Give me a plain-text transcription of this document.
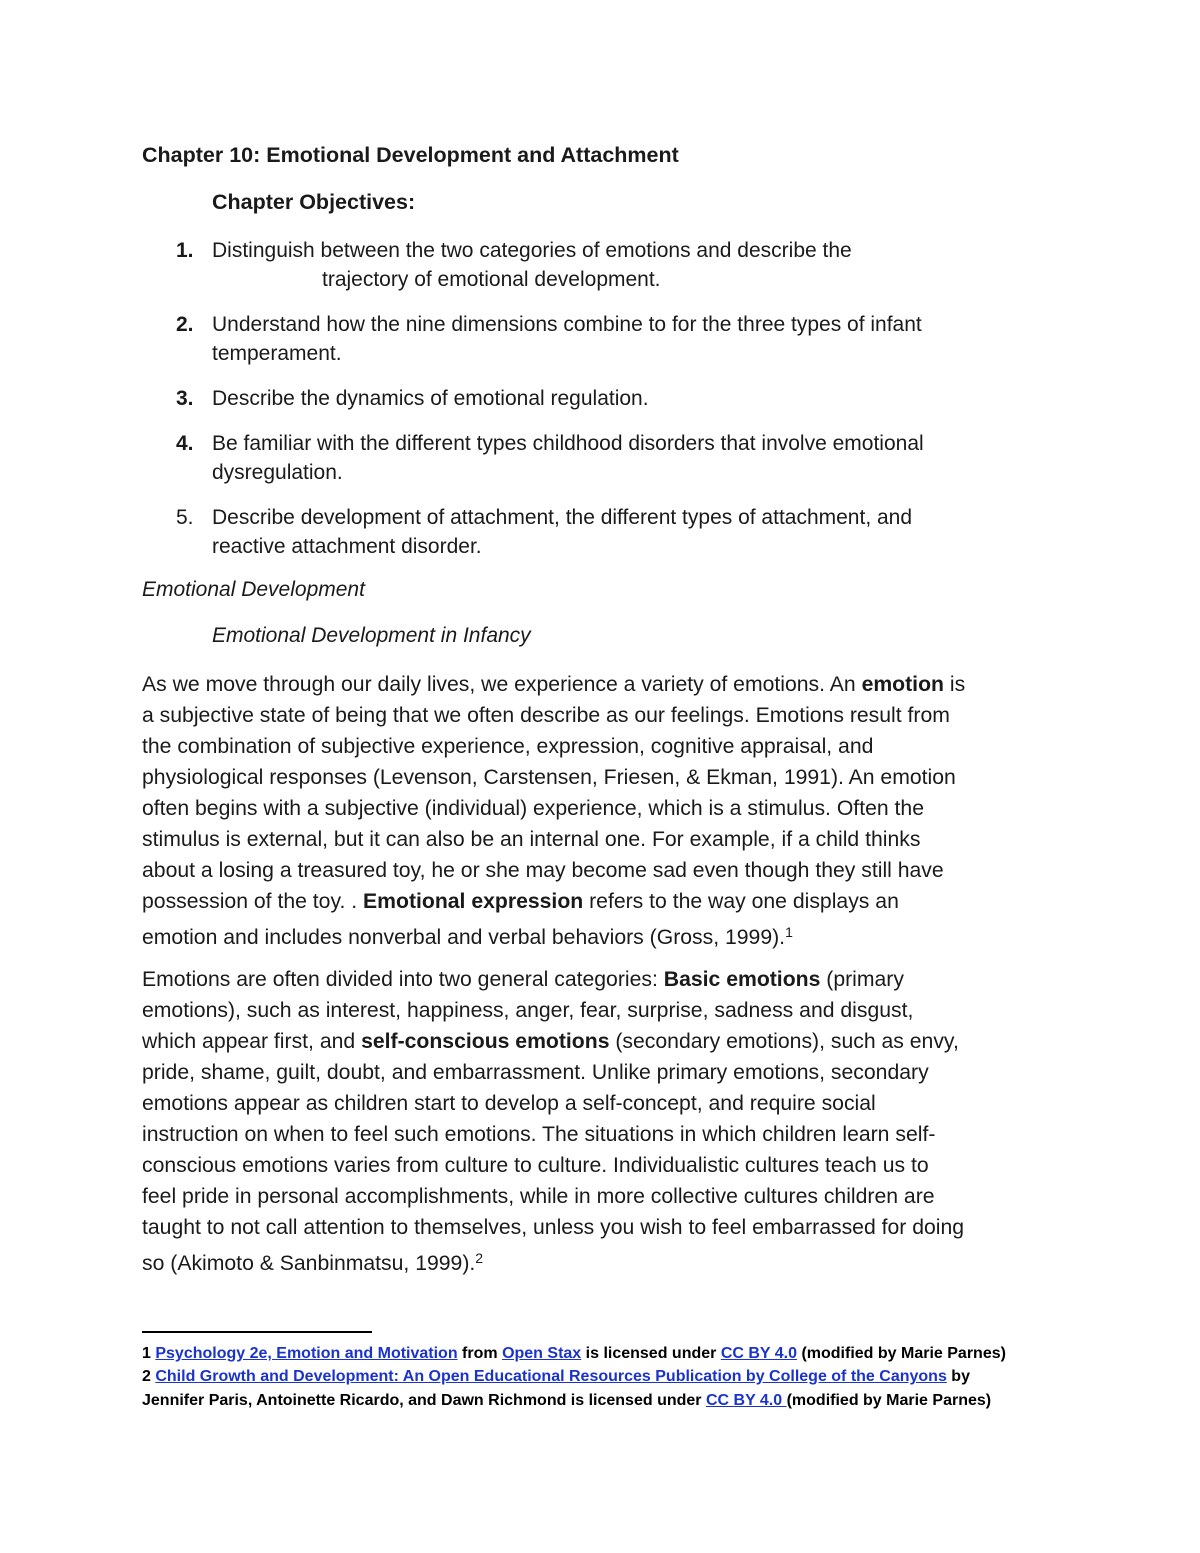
Chapter 10: Emotional Development and Attachment
Chapter Objectives:
1. Distinguish between the two categories of emotions and describe the
trajectory of emotional development.
2. Understand how the nine dimensions combine to for the three types of infant
temperament.
3. Describe the dynamics of emotional regulation.
4. Be familiar with the different types childhood disorders that involve emotional
dysregulation.
5. Describe development of attachment, the different types of attachment, and
reactive attachment disorder.
Emotional Development
Emotional Development in Infancy
As we move through our daily lives, we experience a variety of emotions. An emotion is
a subjective state of being that we often describe as our feelings. Emotions result from
the combination of subjective experience, expression, cognitive appraisal, and
physiological responses (Levenson, Carstensen, Friesen, & Ekman, 1991). An emotion
often begins with a subjective (individual) experience, which is a stimulus. Often the
stimulus is external, but it can also be an internal one. For example, if a child thinks
about a losing a treasured toy, he or she may become sad even though they still have
possession of the toy. . Emotional expression refers to the way one displays an
emotion and includes nonverbal and verbal behaviors (Gross, 1999).$^1$
Emotions are often divided into two general categories: Basic emotions (primary
emotions), such as interest, happiness, anger, fear, surprise, sadness and disgust,
which appear first, and self-conscious emotions (secondary emotions), such as envy,
pride, shame, guilt, doubt, and embarrassment. Unlike primary emotions, secondary
emotions appear as children start to develop a self-concept, and require social
instruction on when to feel such emotions. The situations in which children learn self-
conscious emotions varies from culture to culture. Individualistic cultures teach us to
feel pride in personal accomplishments, while in more collective cultures children are
taught to not call attention to themselves, unless you wish to feel embarrassed for doing
so (Akimoto & Sanbinmatsu, 1999).$^2$
1 Psychology 2e, Emotion and Motivation from Open Stax is licensed under CC BY 4.0 (modified by Marie Parnes)
2 Child Growth and Development: An Open Educational Resources Publication by College of the Canyons by
Jennifer Paris, Antoinette Ricardo, and Dawn Richmond is licensed under CC BY 4.0 (modified by Marie Parnes)
